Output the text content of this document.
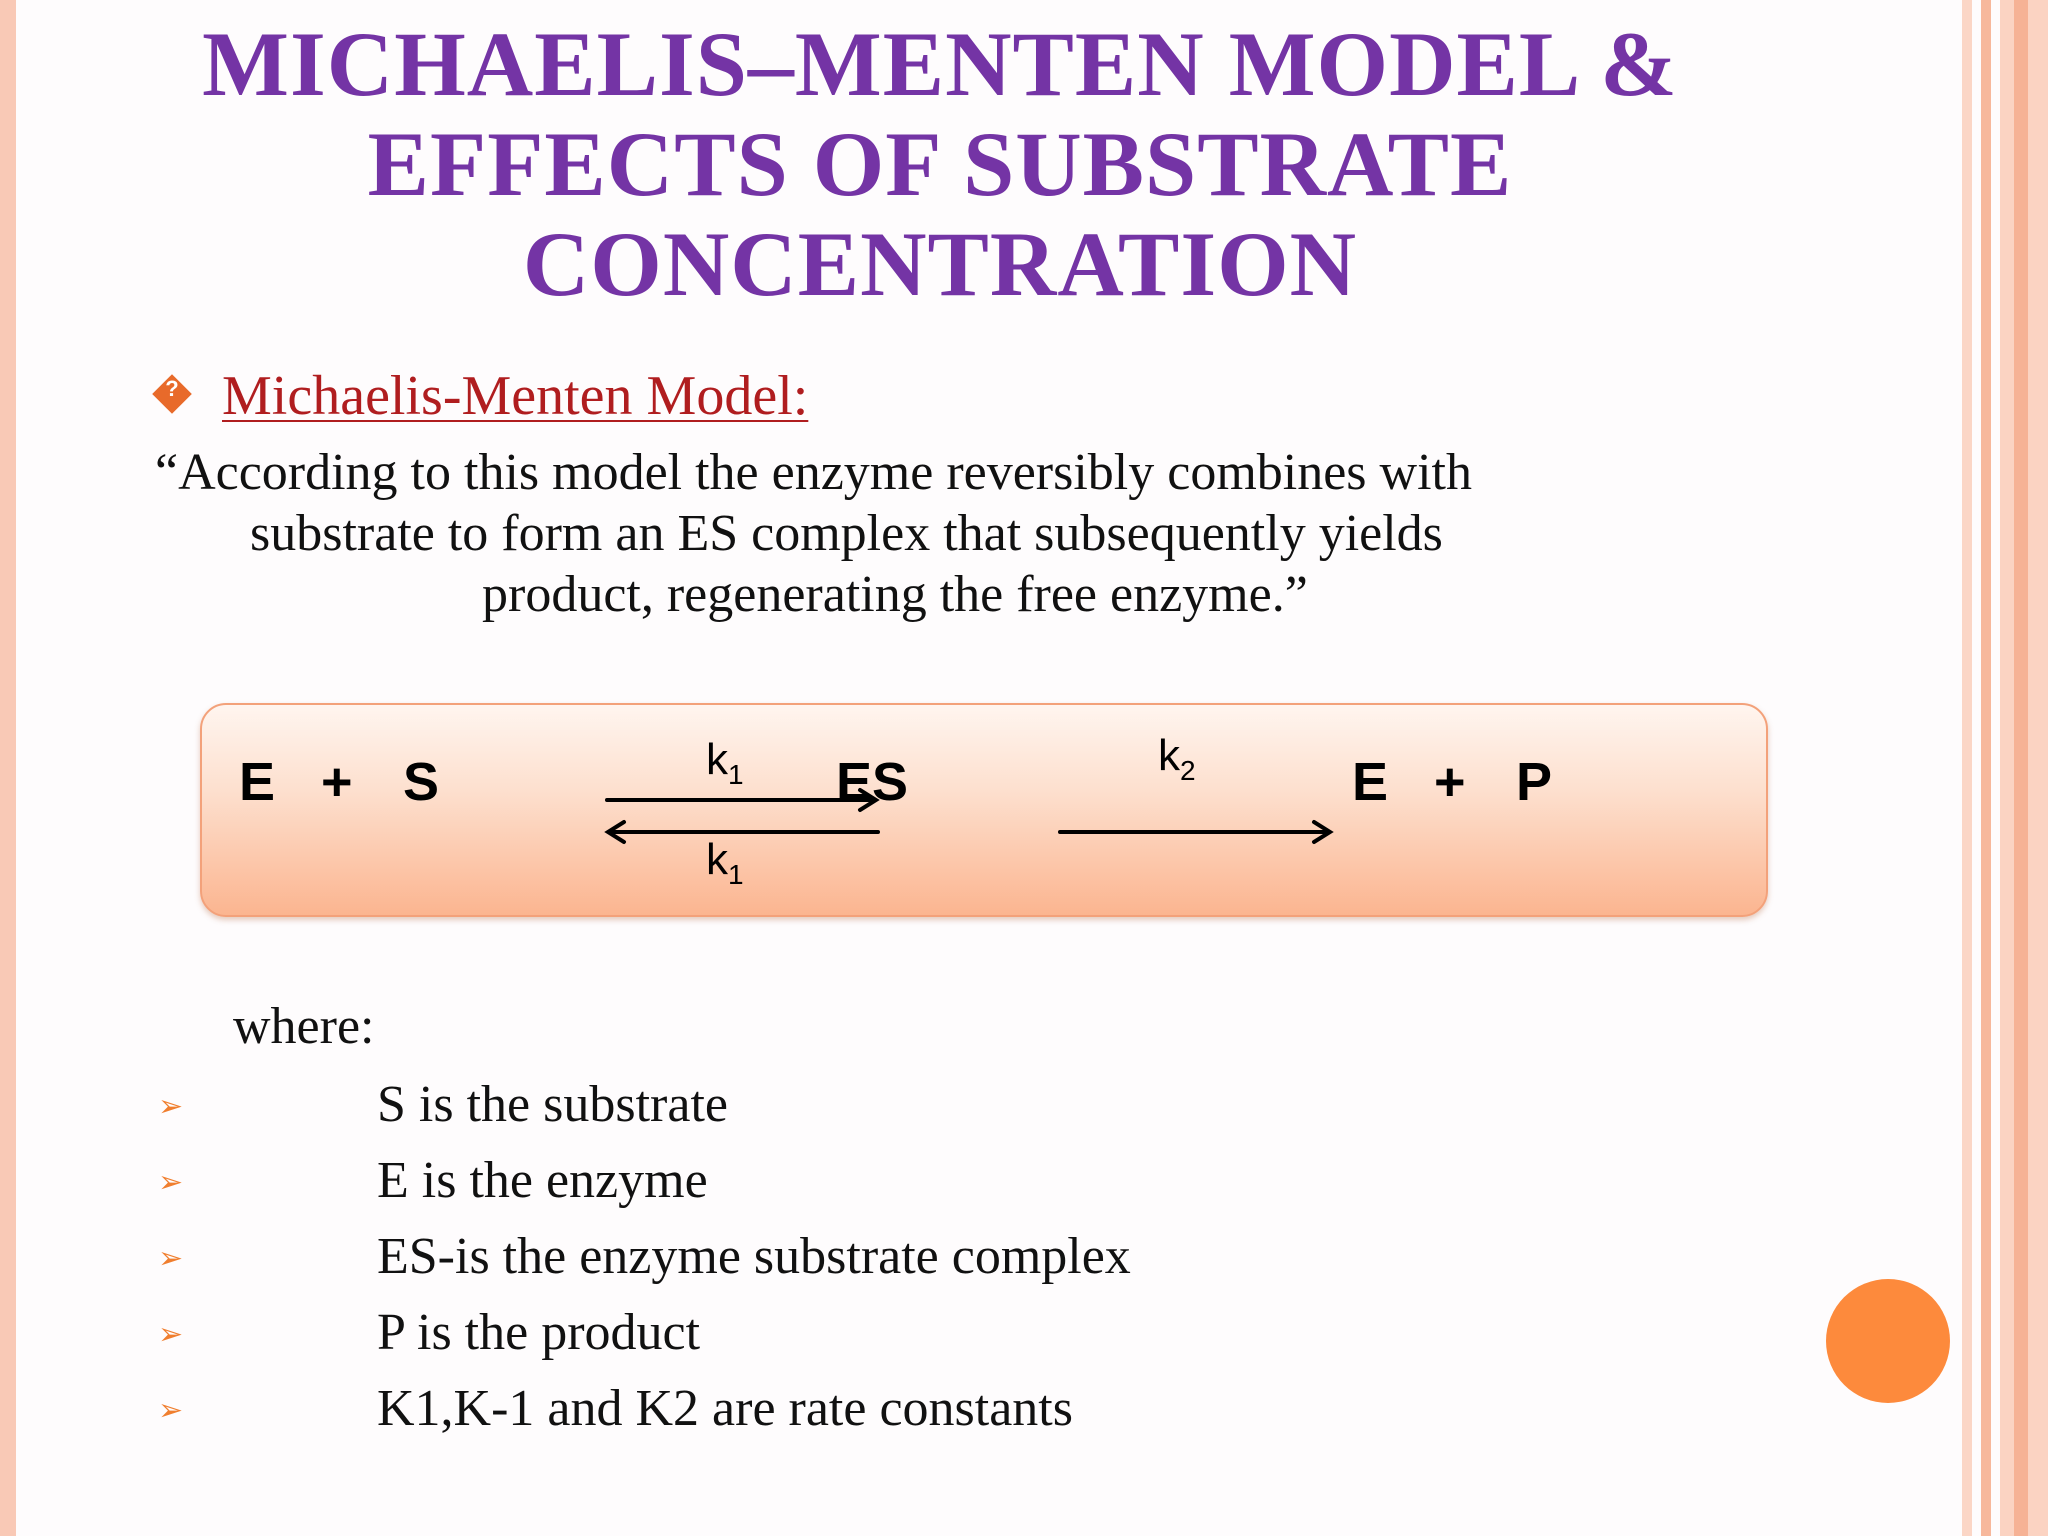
MICHAELIS–MENTEN MODEL &
EFFECTS OF SUBSTRATE
CONCENTRATION
? Michaelis-Menten Model:
“According to this model the enzyme reversibly combines with
substrate to form an ES complex that subsequently yields
product, regenerating the free enzyme.”
E + S	$k_1$ ES
$k_1$
$k_2$	E + P
where:
➢	S is the substrate
➢	E is the enzyme
➢	ES-is the enzyme substrate complex
➢	P is the product
➢	K1,K-1 and K2 are rate constants
